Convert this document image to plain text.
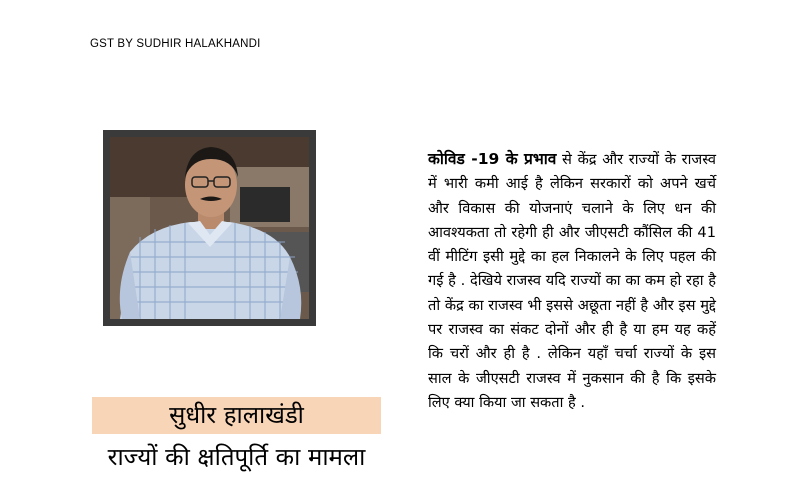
GST BY SUDHIR HALAKHANDI
सुधीर हालाखंडी
राज्यों की क्षतिपूर्ति का मामला
कोविड -19 के प्रभाव से केंद्र और राज्यों के राजस्व में भारी कमी आई है लेकिन सरकारों को अपने खर्चे और विकास की योजनाएं चलाने के लिए धन की आवश्यकता तो रहेगी ही और जीएसटी कौंसिल की 41 वीं मीटिंग इसी मुद्दे का हल निकालने के लिए पहल की गई है . देखिये राजस्व यदि राज्यों का का कम हो रहा है तो केंद्र का राजस्व भी इससे अछूता नहीं है और इस मुद्दे पर राजस्व का संकट दोनों और ही है या हम यह कहें कि चरों और ही है . लेकिन यहाँ चर्चा राज्यों के इस साल के जीएसटी राजस्व में नुकसान की है कि इसके लिए क्या किया जा सकता है .
